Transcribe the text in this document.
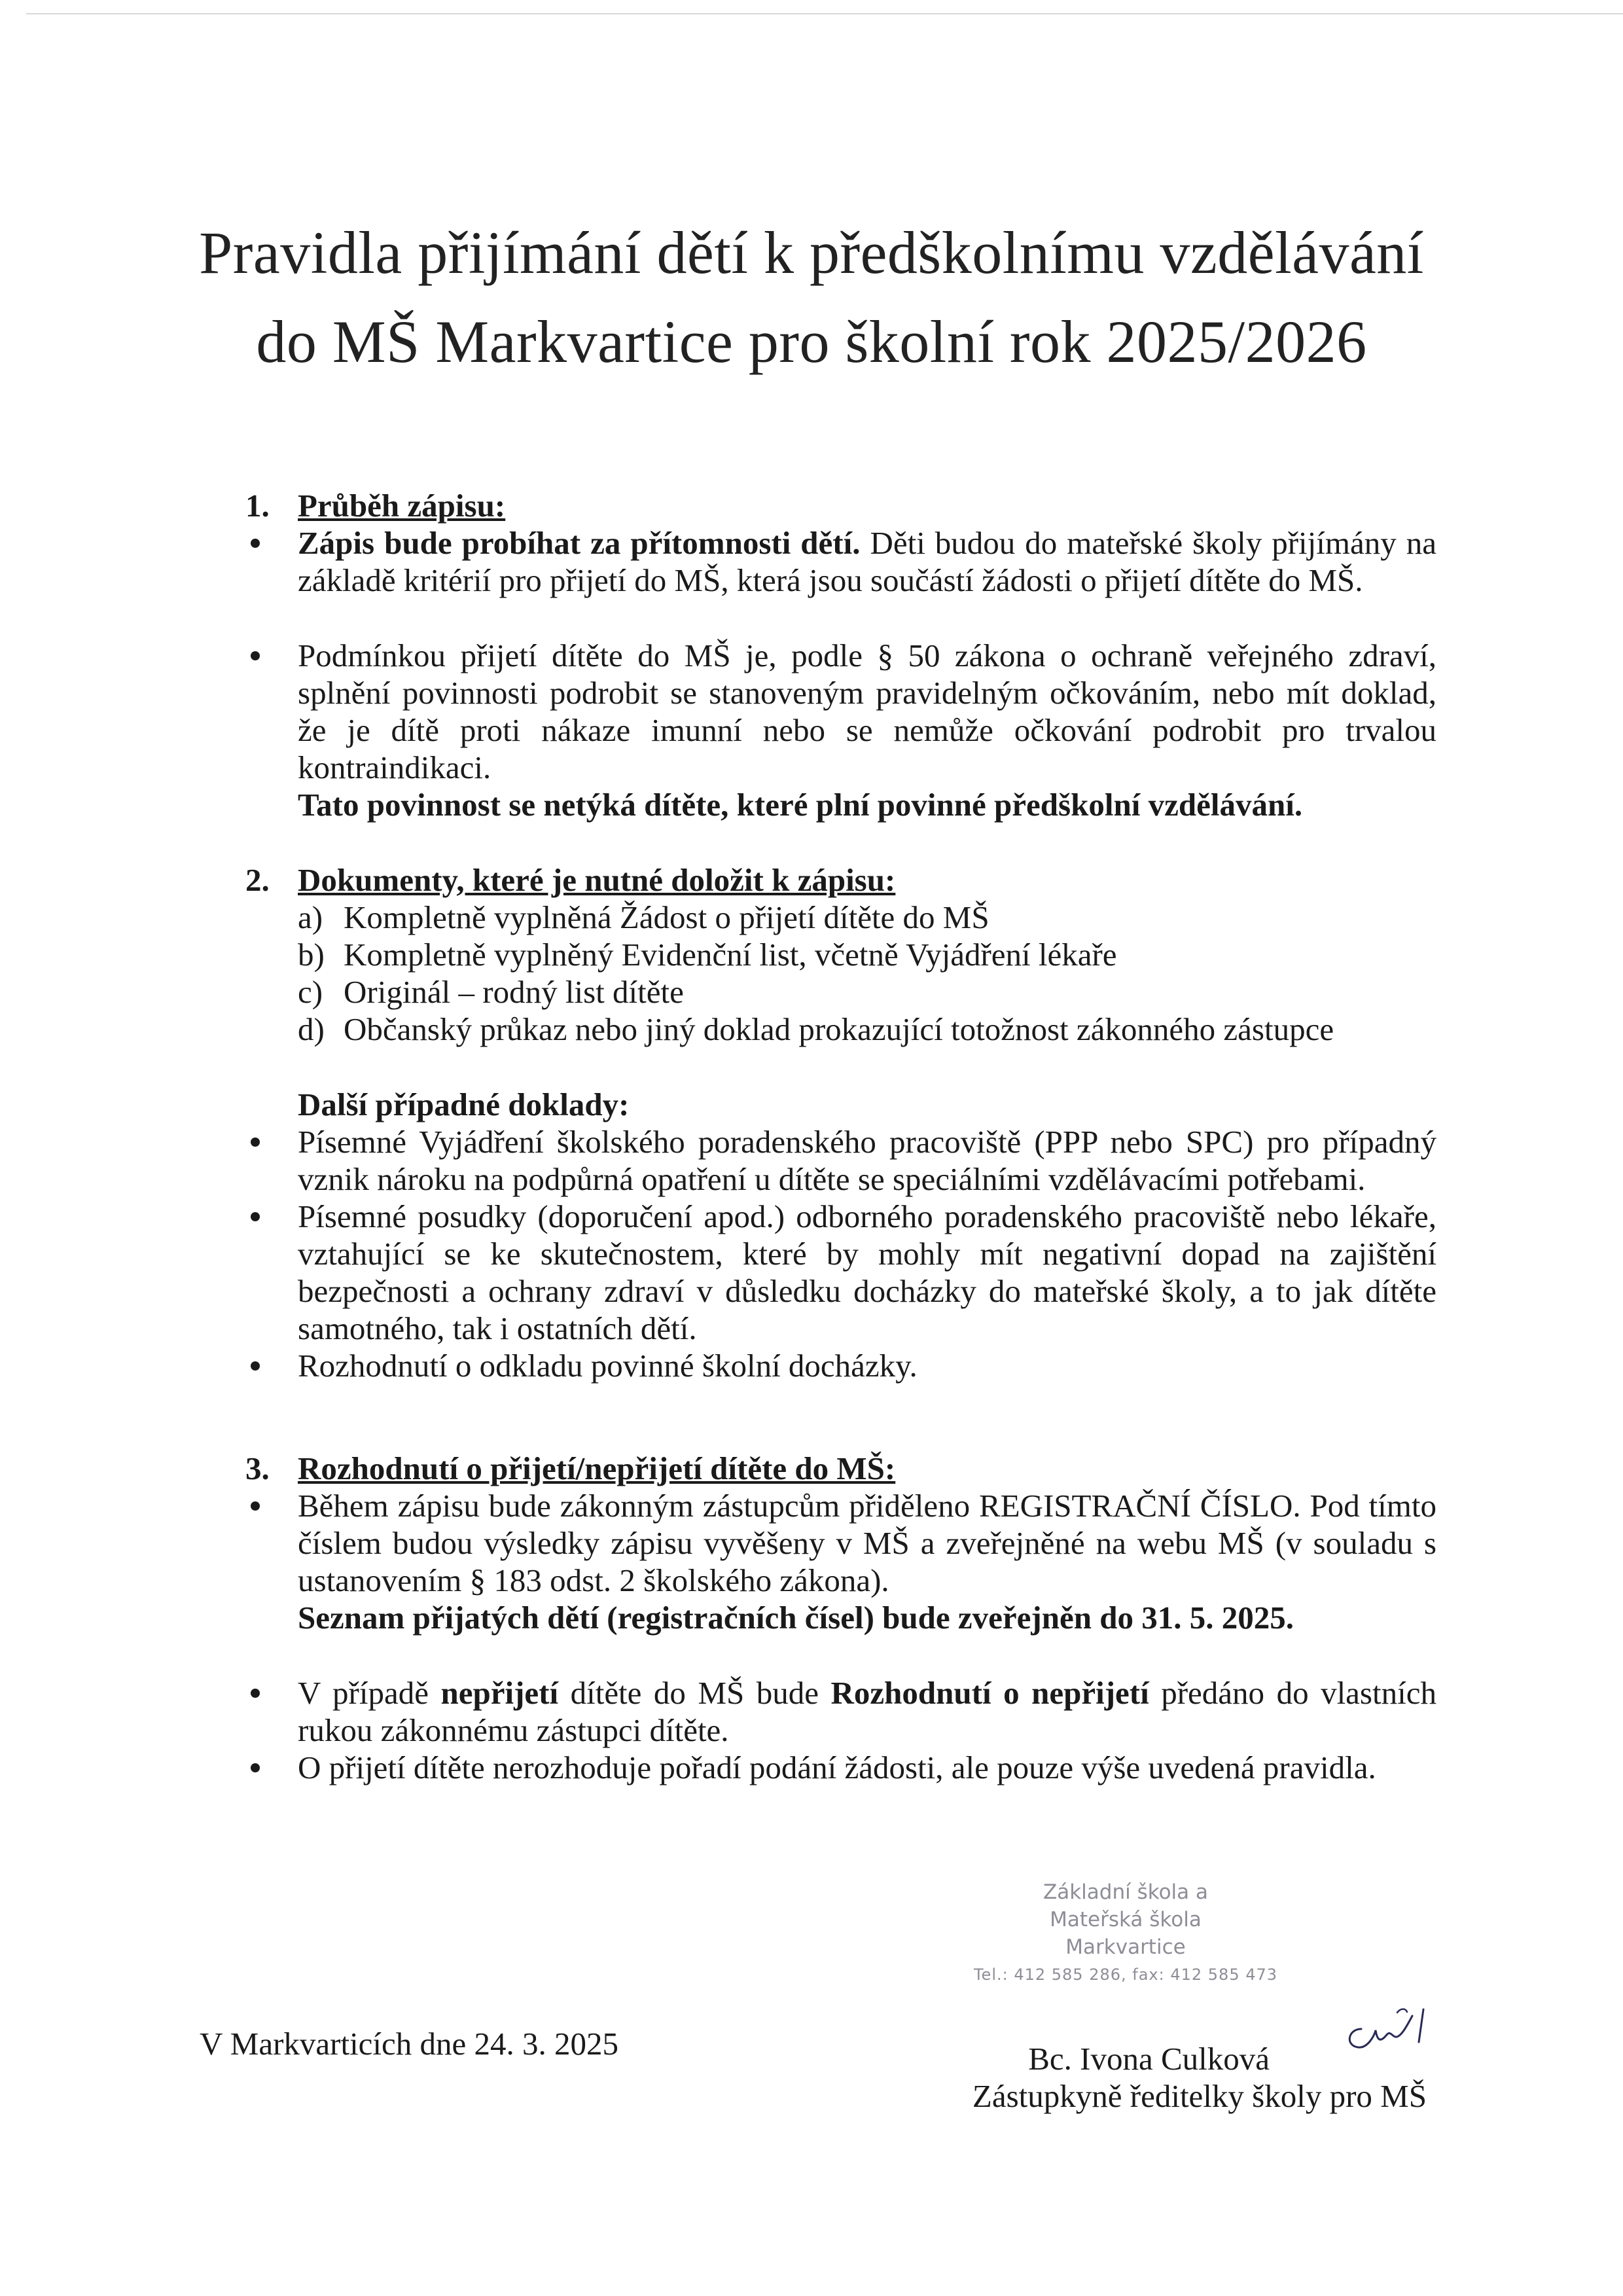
Pravidla přijímání dětí k předškolnímu vzdělávání
do MŠ Markvartice pro školní rok 2025/2026
1. Průběh zápisu:

Zápis bude probíhat za přítomnosti dětí. Děti budou do mateřské školy přijímány na základě kritérií pro přijetí do MŠ, která jsou součástí žádosti o přijetí dítěte do MŠ.

Podmínkou přijetí dítěte do MŠ je, podle § 50 zákona o ochraně veřejného zdraví, splnění povinnosti podrobit se stanoveným pravidelným očkováním, nebo mít doklad, že je dítě proti nákaze imunní nebo se nemůže očkování podrobit pro trvalou kontraindikaci.

Tato povinnost se netýká dítěte, které plní povinné předškolní vzdělávání.

2. Dokumenty, které je nutné doložit k zápisu:
a) Kompletně vyplněná Žádost o přijetí dítěte do MŠ
b) Kompletně vyplněný Evidenční list, včetně Vyjádření lékaře
c) Originál – rodný list dítěte
d) Občanský průkaz nebo jiný doklad prokazující totožnost zákonného zástupce
Další případné doklady:

Písemné Vyjádření školského poradenského pracoviště (PPP nebo SPC) pro případný vznik nároku na podpůrná opatření u dítěte se speciálními vzdělávacími potřebami.

Písemné posudky (doporučení apod.) odborného poradenského pracoviště nebo lékaře, vztahující se ke skutečnostem, které by mohly mít negativní dopad na zajištění bezpečnosti a ochrany zdraví v důsledku docházky do mateřské školy, a to jak dítěte samotného, tak i ostatních dětí.

Rozhodnutí o odkladu povinné školní docházky.

3. Rozhodnutí o přijetí/nepřijetí dítěte do MŠ:

Během zápisu bude zákonným zástupcům přiděleno REGISTRAČNÍ ČÍSLO. Pod tímto číslem budou výsledky zápisu vyvěšeny v MŠ a zveřejněné na webu MŠ (v souladu s ustanovením § 183 odst. 2 školského zákona).

Seznam přijatých dětí (registračních čísel) bude zveřejněn do 31. 5. 2025.

V případě nepřijetí dítěte do MŠ bude Rozhodnutí o nepřijetí předáno do vlastních rukou zákonnému zástupci dítěte.

O přijetí dítěte nerozhoduje pořadí podání žádosti, ale pouze výše uvedená pravidla.

Základní škola a
Mateřská škola
Markvartice
Tel.: 412 585 286, fax: 412 585 473
V Markvarticích dne 24. 3. 2025	Bc. Ivona Culková
Zástupkyně ředitelky školy pro MŠ
